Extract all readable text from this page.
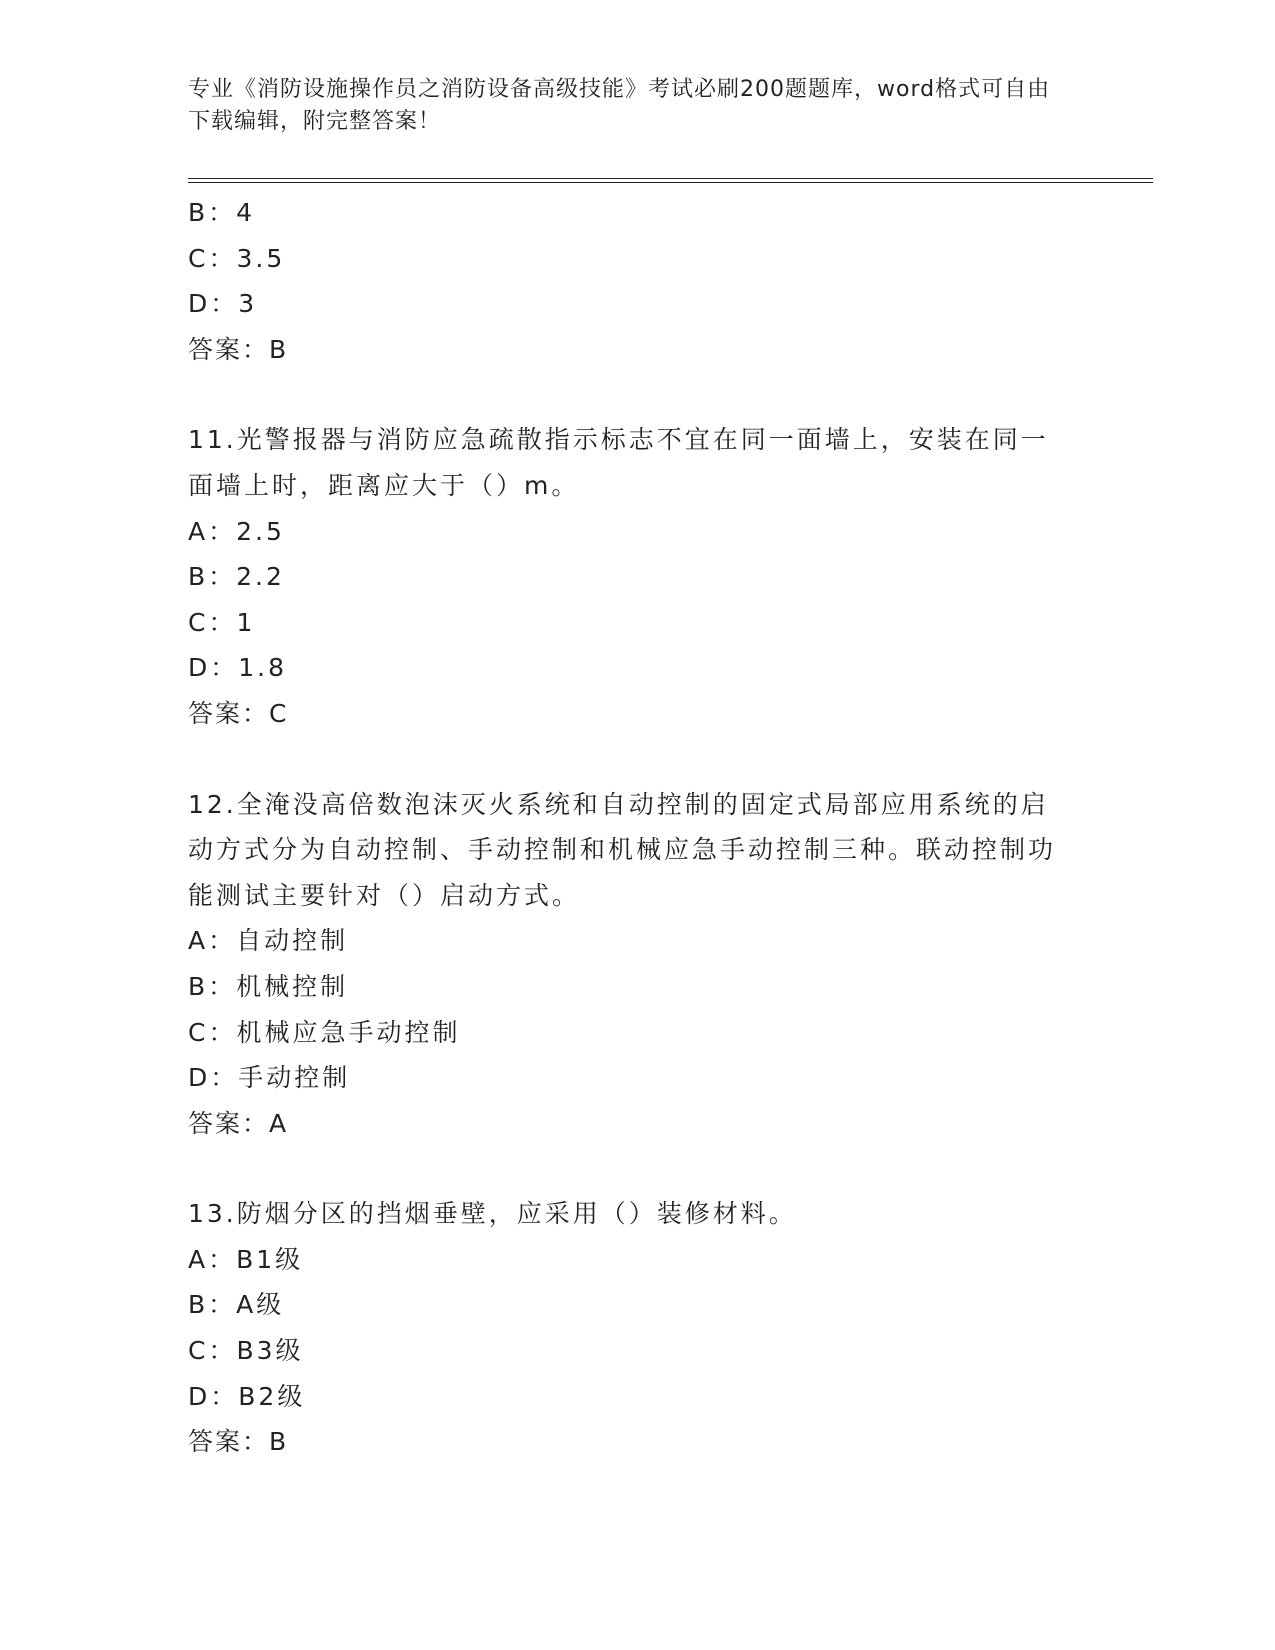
专业《消防设施操作员之消防设备高级技能》考试必刷200题题库，word格式可自由下载编辑，附完整答案！
B：4
C：3.5
D：3
答案：B
11.光警报器与消防应急疏散指示标志不宜在同一面墙上，安装在同一面墙上时，距离应大于（）m。
A：2.5
B：2.2
C：1
D：1.8
答案：C
12.全淹没高倍数泡沫灭火系统和自动控制的固定式局部应用系统的启动方式分为自动控制、手动控制和机械应急手动控制三种。联动控制功能测试主要针对（）启动方式。
A：自动控制
B：机械控制
C：机械应急手动控制
D：手动控制
答案：A
13.防烟分区的挡烟垂壁，应采用（）装修材料。
A：B1级
B：A级
C：B3级
D：B2级
答案：B
